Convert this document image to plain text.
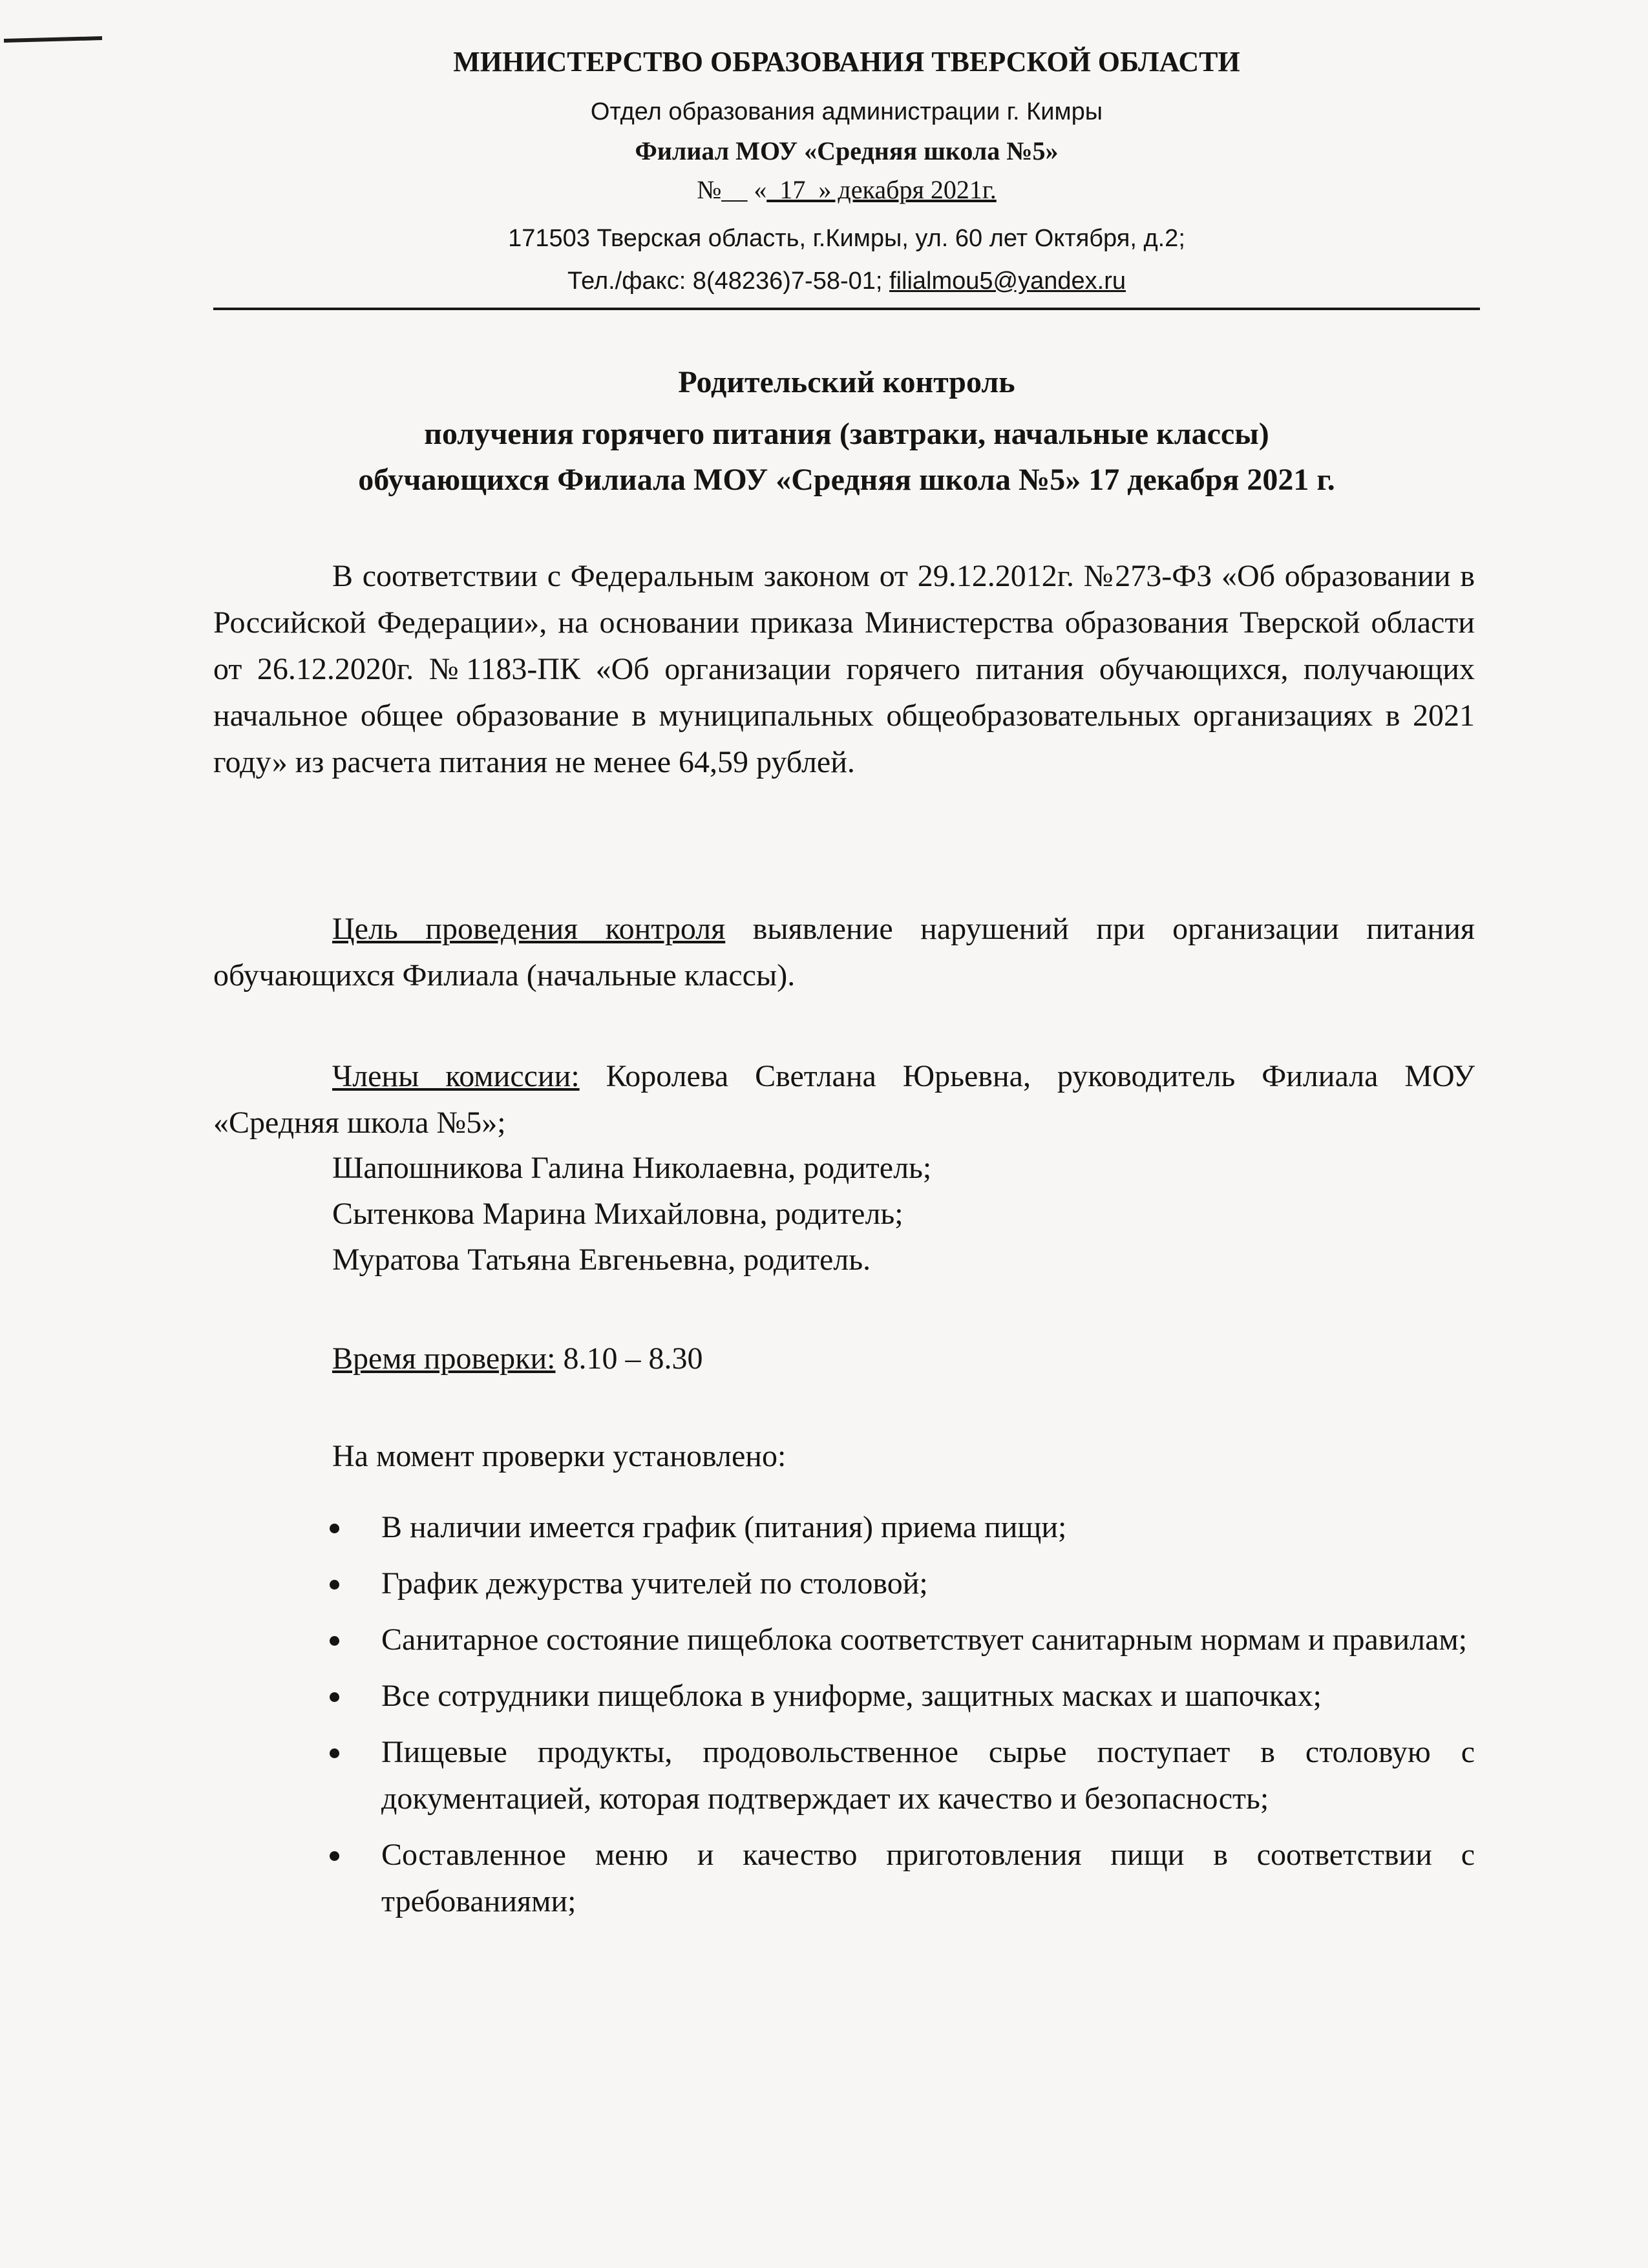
МИНИСТЕРСТВО ОБРАЗОВАНИЯ ТВЕРСКОЙ ОБЛАСТИ
Отдел образования администрации г. Кимры
Филиал МОУ «Средняя школа №5»
№__ «_17_» декабря 2021г.
171503 Тверская область, г.Кимры, ул. 60 лет Октября, д.2;
Тел./факс: 8(48236)7-58-01; filialmou5@yandex.ru
Родительский контроль
получения горячего питания (завтраки, начальные классы)
обучающихся Филиала МОУ «Средняя школа №5» 17 декабря 2021 г.
В соответствии с Федеральным законом от 29.12.2012г. №273-ФЗ «Об образовании в Российской Федерации», на основании приказа Министерства образования Тверской области от 26.12.2020г. №1183-ПК «Об организации горячего питания обучающихся, получающих начальное общее образование в муниципальных общеобразовательных организациях в 2021 году» из расчета питания не менее 64,59 рублей.
Цель проведения контроля выявление нарушений при организации питания обучающихся Филиала (начальные классы).
Члены комиссии: Королева Светлана Юрьевна, руководитель Филиала МОУ «Средняя школа №5»;
Шапошникова Галина Николаевна, родитель;
Сытенкова Марина Михайловна, родитель;
Муратова Татьяна Евгеньевна, родитель.
Время проверки: 8.10 – 8.30
На момент проверки установлено:
В наличии имеется график (питания) приема пищи;
График дежурства учителей по столовой;
Санитарное состояние пищеблока соответствует санитарным нормам и правилам;
Все сотрудники пищеблока в униформе, защитных масках и шапочках;
Пищевые продукты, продовольственное сырье поступает в столовую с документацией, которая подтверждает их качество и безопасность;
Составленное меню и качество приготовления пищи в соответствии с требованиями;
